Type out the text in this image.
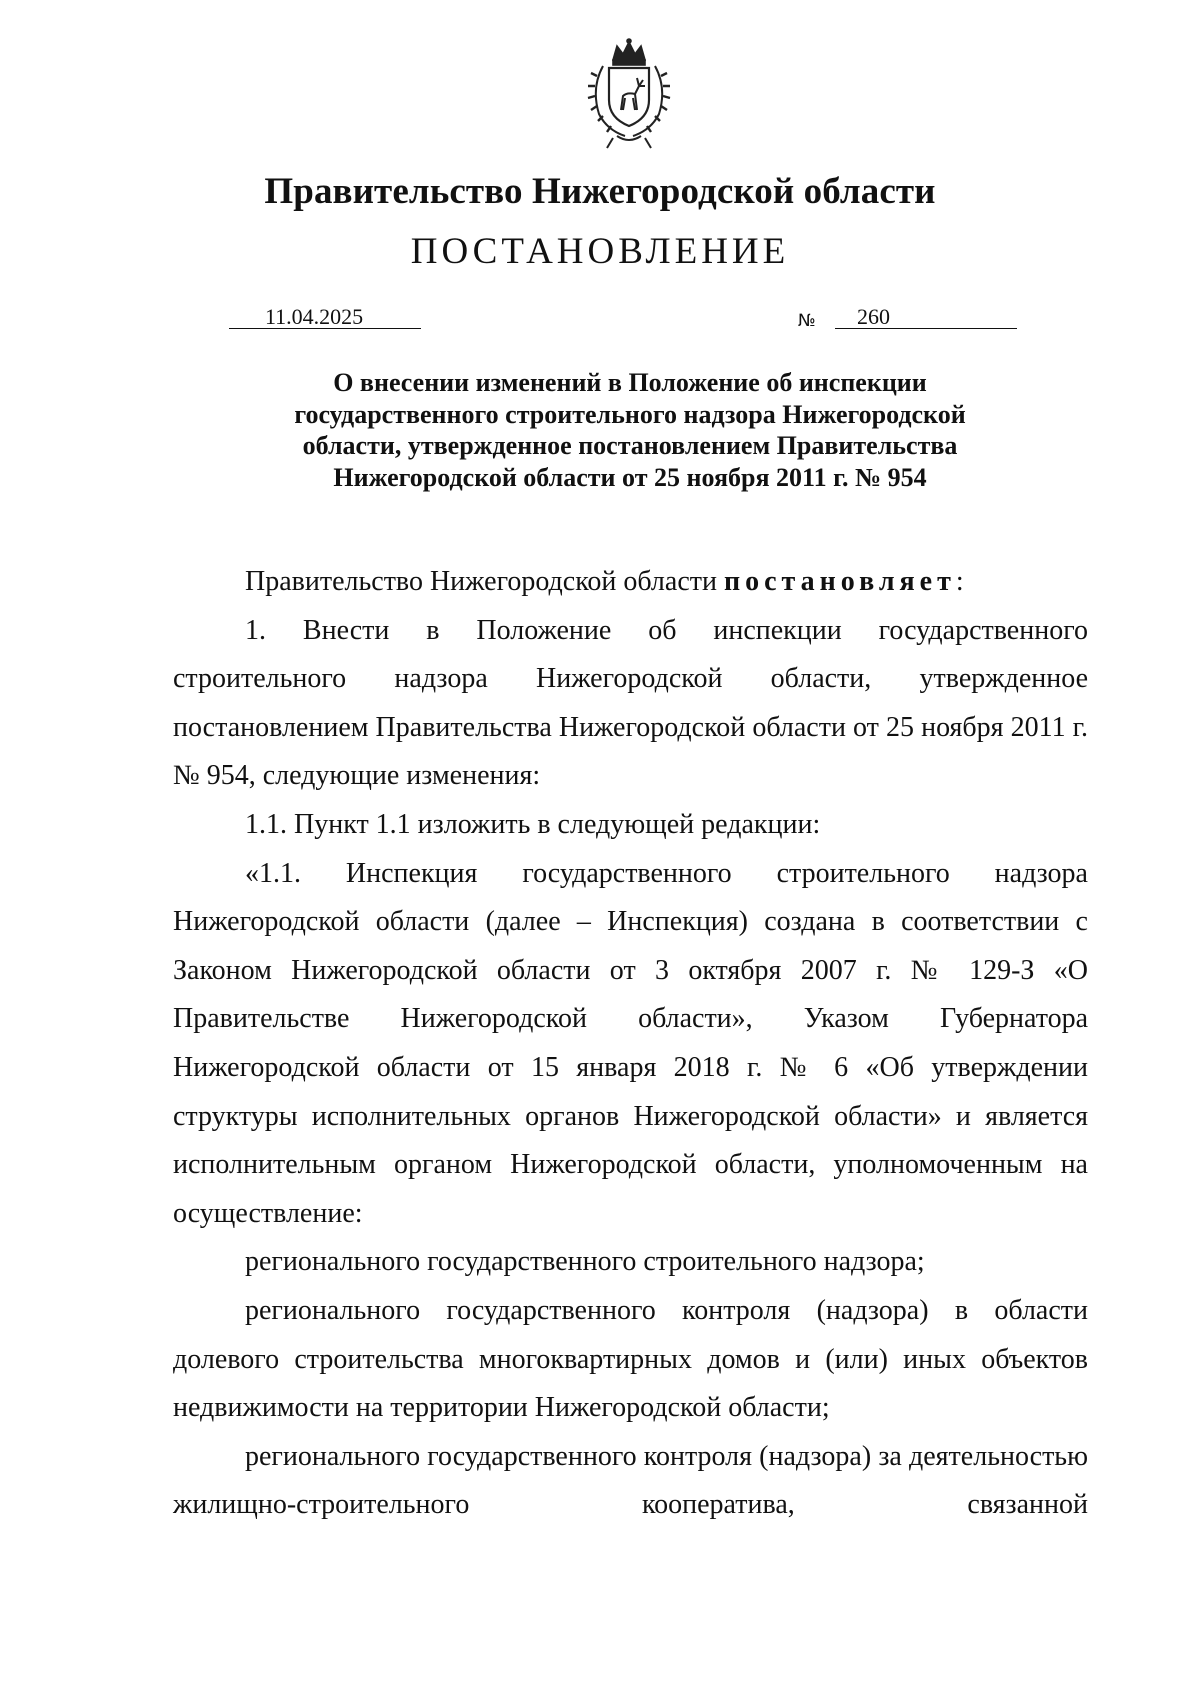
Правительство Нижегородской области
ПОСТАНОВЛЕНИЕ
11.04.2025	№ 260
О внесении изменений в Положение об инспекции
государственного строительного надзора Нижегородской
области, утвержденное постановлением Правительства
Нижегородской области от 25 ноября 2011 г. № 954

Правительство Нижегородской области постановляет:

1. Внести в Положение об инспекции государственного строительного надзора Нижегородской области, утвержденное постановлением Правительства Нижегородской области от 25 ноября 2011 г. № 954, следующие изменения:

1.1. Пункт 1.1 изложить в следующей редакции:

«1.1. Инспекция государственного строительного надзора Нижегородской области (далее – Инспекция) создана в соответствии с Законом Нижегородской области от 3 октября 2007 г. № 129-З «О Правительстве Нижегородской области», Указом Губернатора Нижегородской области от 15 января 2018 г. № 6 «Об утверждении структуры исполнительных органов Нижегородской области» и является исполнительным органом Нижегородской области, уполномоченным на осуществление:

регионального государственного строительного надзора;

регионального государственного контроля (надзора) в области долевого строительства многоквартирных домов и (или) иных объектов недвижимости на территории Нижегородской области;

регионального государственного контроля (надзора) за деятельностью жилищно-строительного кооператива, связанной
